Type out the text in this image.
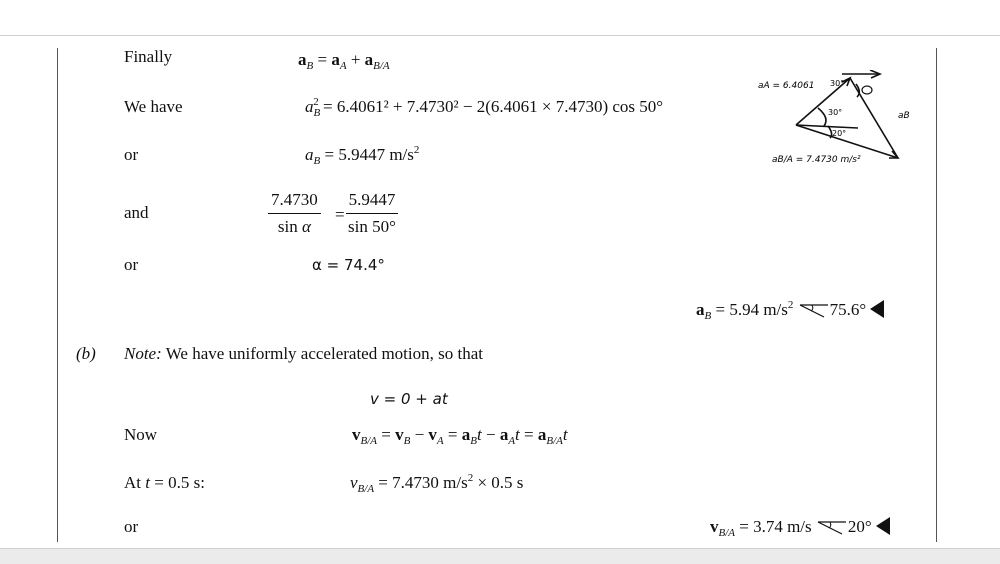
Finally	$a_B = a_A + a_{B/A}$
We have	$a_B^2 = 6.4061^2 + 7.4730^2 - 2(6.4061 \times 7.4730)$ cos 50°
or	$a_B = 5.9447$ $m/s^2$
and	$\frac{7.4730}{\text{sin α}} = \frac{5.9447}{\sin 50^\circ}$
or	α = 74.4°
$a_B = 5.94$ $m/s^2$ 75.6°
(b) Note: We have uniformly accelerated motion, so that
v = 0 + at
Now	$v_{B/A} = v_B - v_A = a_Bt - a_At = a_{B/A}t$
At t = 0.5 s:	$v_{B/A} = 7.4730$ $m/s^2 \times 0.5$ s
or	$v_{B/A} = 3.74$ m/s 20°
aA = 6.4061
aB
aB/A = 7.4730 m/s²
30°
30°
20°
